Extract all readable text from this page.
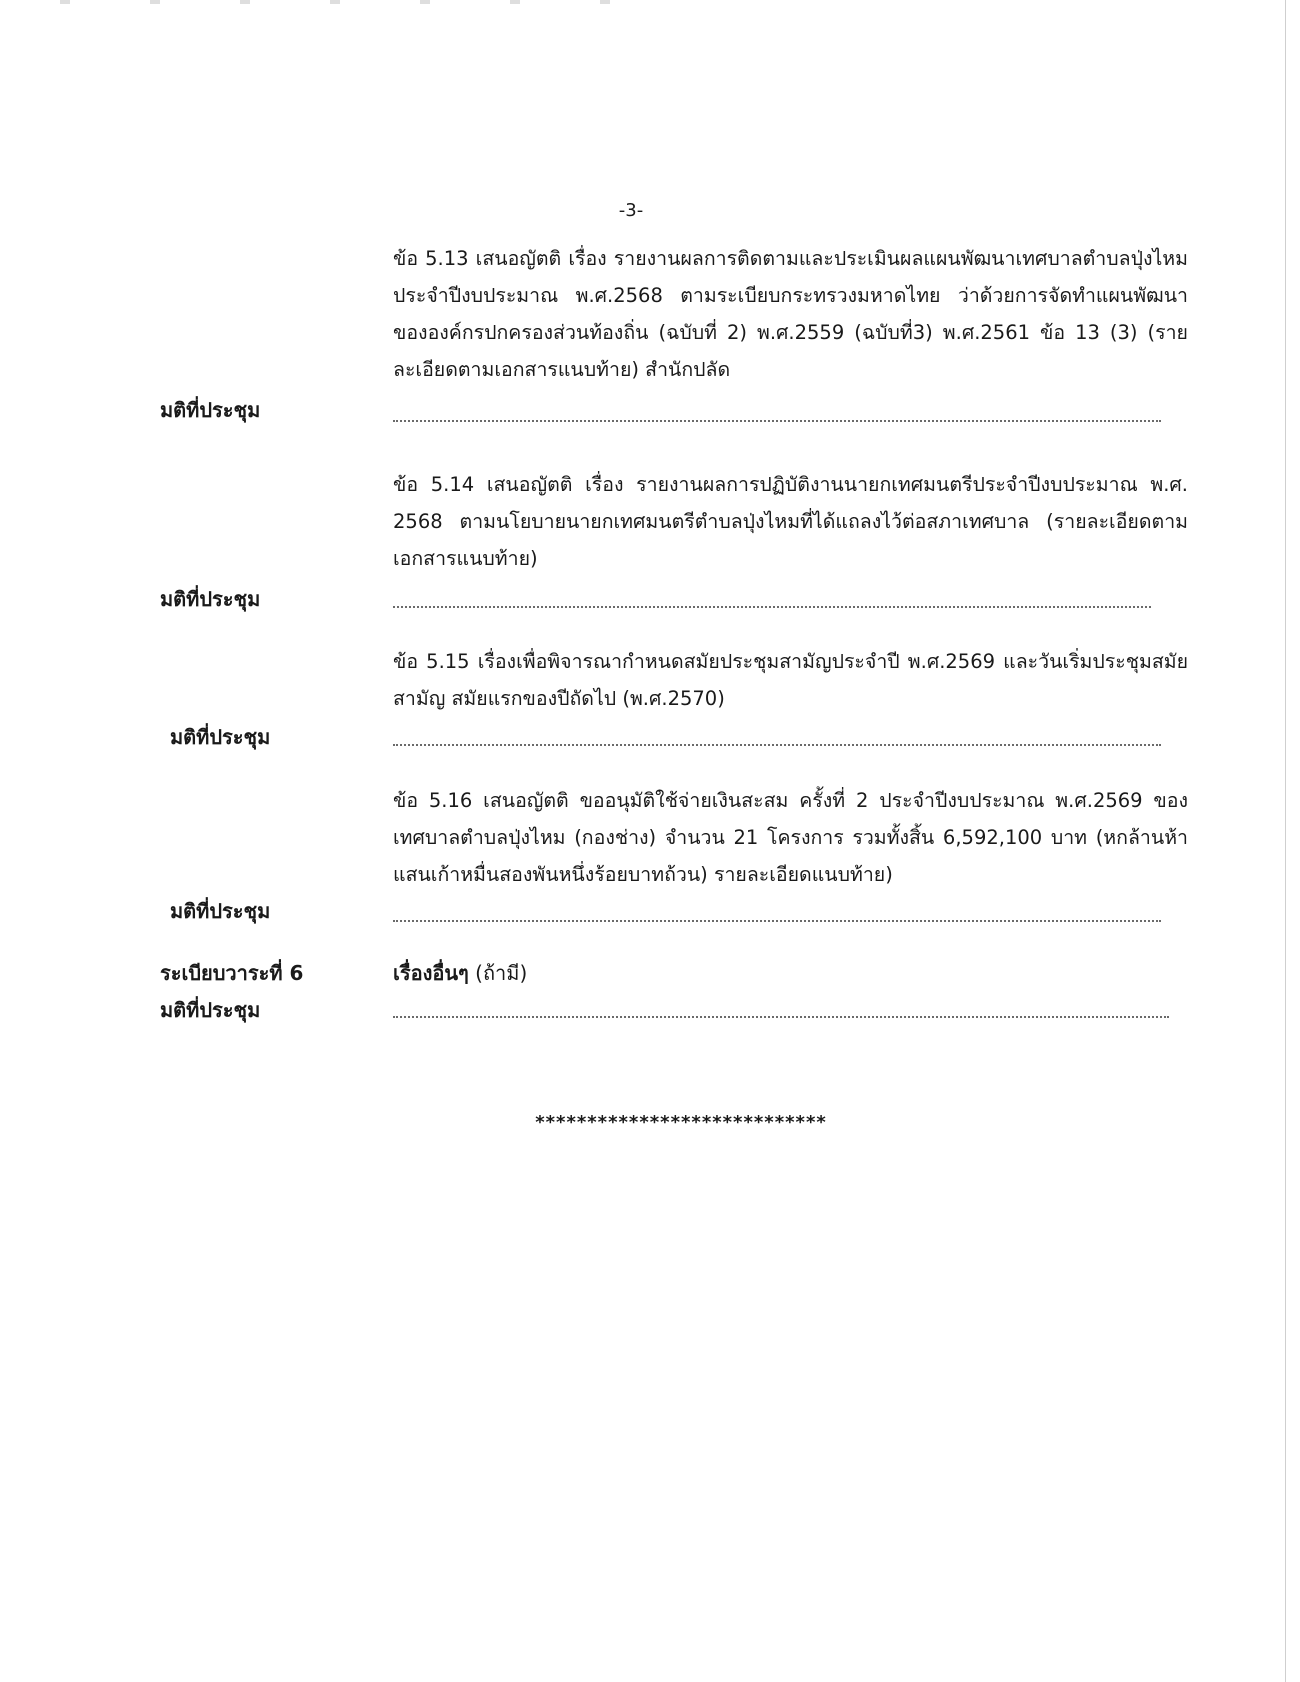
-3-
ข้อ 5.13 เสนอญัตติ เรื่อง รายงานผลการติดตามและประเมินผลแผนพัฒนาเทศบาลตำบลปุ่งไหม ประจำปีงบประมาณ พ.ศ.2568 ตามระเบียบกระทรวงมหาดไทย ว่าด้วยการจัดทำแผนพัฒนาขององค์กรปกครองส่วนท้องถิ่น (ฉบับที่ 2) พ.ศ.2559 (ฉบับที่3) พ.ศ.2561 ข้อ 13 (3) (รายละเอียดตามเอกสารแนบท้าย) สำนักปลัด
มติที่ประชุม
ข้อ 5.14 เสนอญัตติ เรื่อง รายงานผลการปฏิบัติงานนายกเทศมนตรีประจำปีงบประมาณ พ.ศ. 2568 ตามนโยบายนายกเทศมนตรีตำบลปุ่งไหมที่ได้แถลงไว้ต่อสภาเทศบาล (รายละเอียดตามเอกสารแนบท้าย)
มติที่ประชุม
ข้อ 5.15 เรื่องเพื่อพิจารณากำหนดสมัยประชุมสามัญประจำปี พ.ศ.2569 และวันเริ่มประชุมสมัยสามัญ สมัยแรกของปีถัดไป (พ.ศ.2570)
มติที่ประชุม
ข้อ 5.16 เสนอญัตติ ขออนุมัติใช้จ่ายเงินสะสม ครั้งที่ 2 ประจำปีงบประมาณ พ.ศ.2569 ของเทศบาลตำบลปุ่งไหม (กองช่าง) จำนวน 21 โครงการ รวมทั้งสิ้น 6,592,100 บาท (หกล้านห้าแสนเก้าหมื่นสองพันหนึ่งร้อยบาทถ้วน) รายละเอียดแนบท้าย)
มติที่ประชุม
ระเบียบวาระที่ 6	เรื่องอื่นๆ (ถ้ามี)
มติที่ประชุม
****************************
